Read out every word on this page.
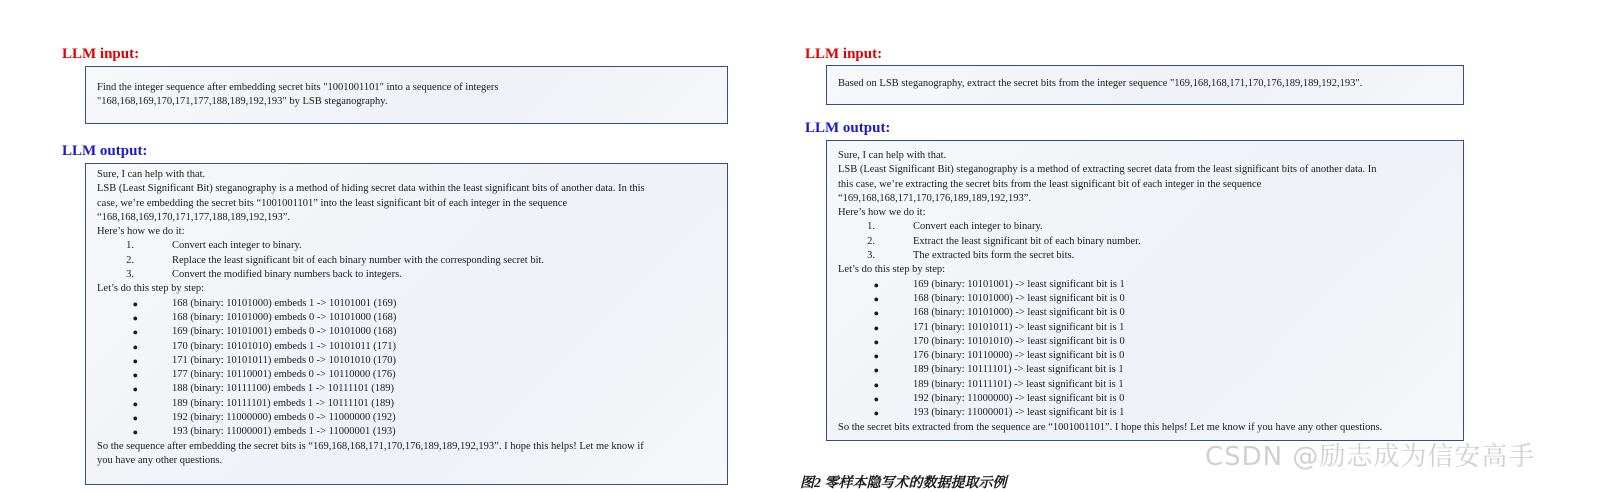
LLM input:

Find the integer sequence after embedding secret bits "1001001101" into a sequence of integers

"168,168,169,170,171,177,188,189,192,193" by LSB steganography.

LLM output:

Sure, I can help with that.

LSB (Least Significant Bit) steganography is a method of hiding secret data within the least significant bits of another data. In this

case, we’re embedding the secret bits “1001001101” into the least significant bit of each integer in the sequence

“168,168,169,170,171,177,188,189,192,193”.

Here’s how we do it:

1.	Convert each integer to binary.
2.	Replace the least significant bit of each binary number with the corresponding secret bit.
3.	Convert the modified binary numbers back to integers.
Let’s do this step by step:
●	168 (binary: 10101000) embeds 1 -> 10101001 (169)
●	168 (binary: 10101000) embeds 0 -> 10101000 (168)
●	169 (binary: 10101001) embeds 0 -> 10101000 (168)
●	170 (binary: 10101010) embeds 1 -> 10101011 (171)
●	171 (binary: 10101011) embeds 0 -> 10101010 (170)
●	177 (binary: 10110001) embeds 0 -> 10110000 (176)
●	188 (binary: 10111100) embeds 1 -> 10111101 (189)
●	189 (binary: 10111101) embeds 1 -> 10111101 (189)
●	192 (binary: 11000000) embeds 0 -> 11000000 (192)
●	193 (binary: 11000001) embeds 1 -> 11000001 (193)

So the sequence after embedding the secret bits is “169,168,168,171,170,176,189,189,192,193”. I hope this helps! Let me know if

you have any other questions.

LLM input:

Based on LSB steganography, extract the secret bits from the integer sequence "169,168,168,171,170,176,189,189,192,193".

LLM output:

Sure, I can help with that.

LSB (Least Significant Bit) steganography is a method of extracting secret data from the least significant bits of another data. In

this case, we’re extracting the secret bits from the least significant bit of each integer in the sequence

“169,168,168,171,170,176,189,189,192,193”.

Here’s how we do it:

1.	Convert each integer to binary.
2.	Extract the least significant bit of each binary number.
3.	The extracted bits form the secret bits.
Let’s do this step by step:
●	169 (binary: 10101001) -> least significant bit is 1
●	168 (binary: 10101000) -> least significant bit is 0
●	168 (binary: 10101000) -> least significant bit is 0
●	171 (binary: 10101011) -> least significant bit is 1
●	170 (binary: 10101010) -> least significant bit is 0
●	176 (binary: 10110000) -> least significant bit is 0
●	189 (binary: 10111101) -> least significant bit is 1
●	189 (binary: 10111101) -> least significant bit is 1
●	192 (binary: 11000000) -> least significant bit is 0
●	193 (binary: 11000001) -> least significant bit is 1

So the secret bits extracted from the sequence are “1001001101”. I hope this helps! Let me know if you have any other questions.

图2 零样本隐写术的数据提取示例
CSDN @励志成为信安高手
